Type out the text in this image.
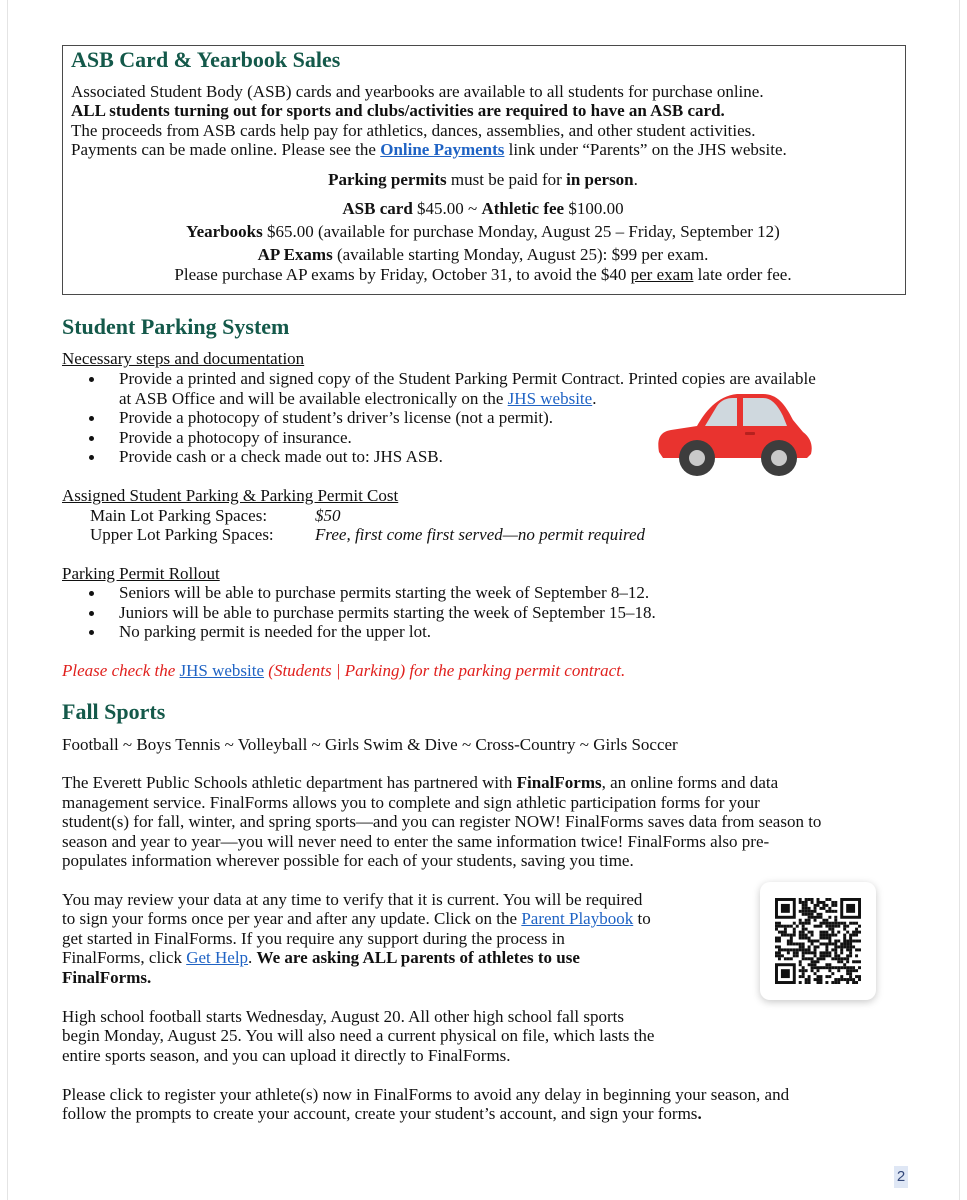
ASB Card & Yearbook Sales
Associated Student Body (ASB) cards and yearbooks are available to all students for purchase online.
ALL students turning out for sports and clubs/activities are required to have an ASB card.
The proceeds from ASB cards help pay for athletics, dances, assemblies, and other student activities.
Payments can be made online. Please see the Online Payments link under “Parents” on the JHS website.
Parking permits must be paid for in person.
ASB card $45.00 ~ Athletic fee $100.00
Yearbooks $65.00 (available for purchase Monday, August 25 – Friday, September 12)
AP Exams (available starting Monday, August 25): $99 per exam.
Please purchase AP exams by Friday, October 31, to avoid the $40 per exam late order fee.
Student Parking System
Necessary steps and documentation
Provide a printed and signed copy of the Student Parking Permit Contract. Printed copies are available
at ASB Office and will be available electronically on the JHS website.
Provide a photocopy of student’s driver’s license (not a permit).
Provide a photocopy of insurance.
Provide cash or a check made out to: JHS ASB.
Assigned Student Parking & Parking Permit Cost
Main Lot Parking Spaces:	$50
Upper Lot Parking Spaces: Free, first come first served—no permit required
Parking Permit Rollout
Seniors will be able to purchase permits starting the week of September 8–12.
Juniors will be able to purchase permits starting the week of September 15–18.
No parking permit is needed for the upper lot.
Please check the JHS website (Students | Parking) for the parking permit contract.
Fall Sports
Football ~ Boys Tennis ~ Volleyball ~ Girls Swim & Dive ~ Cross-Country ~ Girls Soccer
The Everett Public Schools athletic department has partnered with FinalForms, an online forms and data
management service. FinalForms allows you to complete and sign athletic participation forms for your
student(s) for fall, winter, and spring sports—and you can register NOW! FinalForms saves data from season to
season and year to year—you will never need to enter the same information twice! FinalForms also pre-
populates information wherever possible for each of your students, saving you time.
You may review your data at any time to verify that it is current. You will be required
to sign your forms once per year and after any update. Click on the Parent Playbook to
get started in FinalForms. If you require any support during the process in
FinalForms, click Get Help. We are asking ALL parents of athletes to use
FinalForms.
High school football starts Wednesday, August 20. All other high school fall sports
begin Monday, August 25. You will also need a current physical on file, which lasts the
entire sports season, and you can upload it directly to FinalForms.
Please click to register your athlete(s) now in FinalForms to avoid any delay in beginning your season, and
follow the prompts to create your account, create your student’s account, and sign your forms.
2
